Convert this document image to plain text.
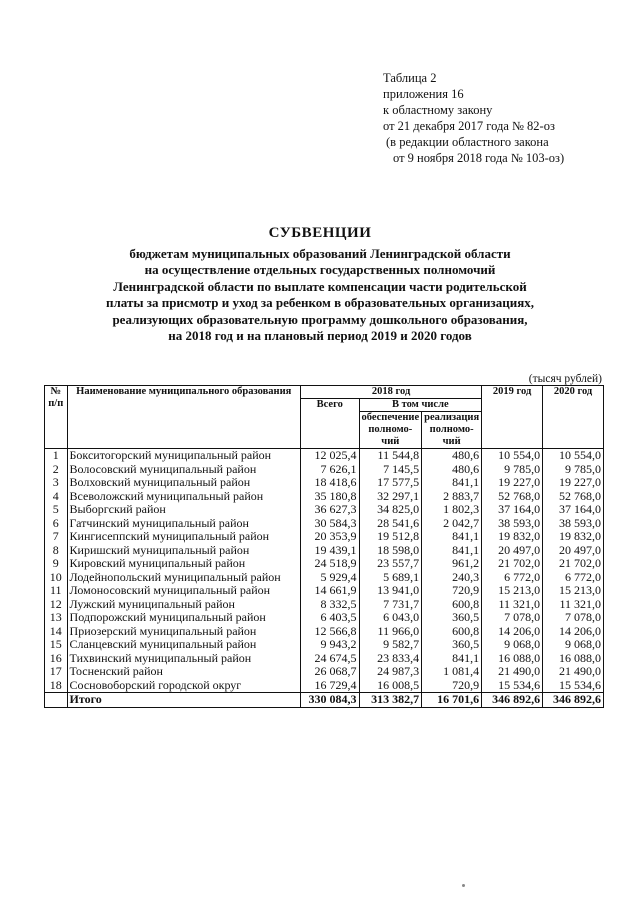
Таблица 2
приложения 16
к областному закону
от 21 декабря 2017 года № 82-оз
(в редакции областного закона
от 9 ноября 2018 года № 103-оз)
СУБВЕНЦИИ
бюджетам муниципальных образований Ленинградской области
на осуществление отдельных государственных полномочий
Ленинградской области по выплате компенсации части родительской
платы за присмотр и уход за ребенком в образовательных организациях,
реализующих образовательную программу дошкольного образования,
на 2018 год и на плановый период 2019 и 2020 годов
(тысяч рублей)
№ п/п	Наименование муниципального образования	2018 год			2019 год	2020 год
		Всего	В том числе			
			обеспечение полномо-чий	реализация полномо-чий		
1	Бокситогорский муниципальный район	12 025,4	11 544,8	480,6	10 554,0	10 554,0
2	Волосовский муниципальный район	7 626,1	7 145,5	480,6	9 785,0	9 785,0
3	Волховский муниципальный район	18 418,6	17 577,5	841,1	19 227,0	19 227,0
4	Всеволожский муниципальный район	35 180,8	32 297,1	2 883,7	52 768,0	52 768,0
5	Выборгский район	36 627,3	34 825,0	1 802,3	37 164,0	37 164,0
6	Гатчинский муниципальный район	30 584,3	28 541,6	2 042,7	38 593,0	38 593,0
7	Кингисеппский муниципальный район	20 353,9	19 512,8	841,1	19 832,0	19 832,0
8	Киришский муниципальный район	19 439,1	18 598,0	841,1	20 497,0	20 497,0
9	Кировский муниципальный район	24 518,9	23 557,7	961,2	21 702,0	21 702,0
10	Лодейнопольский муниципальный район	5 929,4	5 689,1	240,3	6 772,0	6 772,0
11	Ломоносовский муниципальный район	14 661,9	13 941,0	720,9	15 213,0	15 213,0
12	Лужский муниципальный район	8 332,5	7 731,7	600,8	11 321,0	11 321,0
13	Подпорожский муниципальный район	6 403,5	6 043,0	360,5	7 078,0	7 078,0
14	Приозерский муниципальный район	12 566,8	11 966,0	600,8	14 206,0	14 206,0
15	Сланцевский муниципальный район	9 943,2	9 582,7	360,5	9 068,0	9 068,0
16	Тихвинский муниципальный район	24 674,5	23 833,4	841,1	16 088,0	16 088,0
17	Тосненский район	26 068,7	24 987,3	1 081,4	21 490,0	21 490,0
18	Сосновоборский городской округ	16 729,4	16 008,5	720,9	15 534,6	15 534,6
	Итого	330 084,3	313 382,7	16 701,6	346 892,6	346 892,6
